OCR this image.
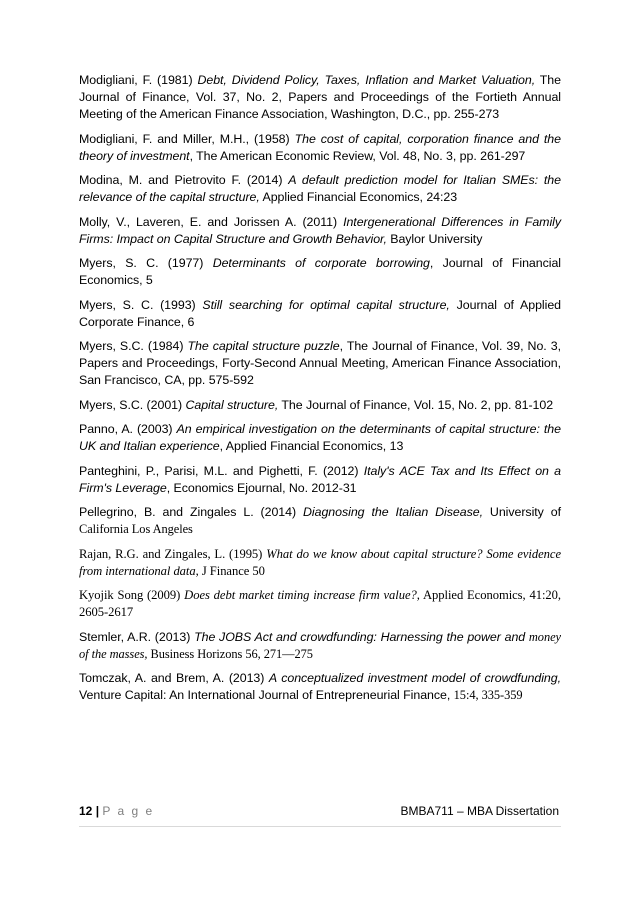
Modigliani, F. (1981) Debt, Dividend Policy, Taxes, Inflation and Market Valuation, The Journal of Finance, Vol. 37, No. 2, Papers and Proceedings of the Fortieth Annual Meeting of the American Finance Association, Washington, D.C., pp. 255-273

Modigliani, F. and Miller, M.H., (1958) The cost of capital, corporation finance and the theory of investment, The American Economic Review, Vol. 48, No. 3, pp. 261-297

Modina, M. and Pietrovito F. (2014) A default prediction model for Italian SMEs: the relevance of the capital structure, Applied Financial Economics, 24:23

Molly, V., Laveren, E. and Jorissen A. (2011) Intergenerational Differences in Family Firms: Impact on Capital Structure and Growth Behavior, Baylor University

Myers, S. C. (1977) Determinants of corporate borrowing, Journal of Financial Economics, 5

Myers, S. C. (1993) Still searching for optimal capital structure, Journal of Applied Corporate Finance, 6

Myers, S.C. (1984) The capital structure puzzle, The Journal of Finance, Vol. 39, No. 3, Papers and Proceedings, Forty-Second Annual Meeting, American Finance Association, San Francisco, CA, pp. 575-592

Myers, S.C. (2001) Capital structure, The Journal of Finance, Vol. 15, No. 2, pp. 81-102

Panno, A. (2003) An empirical investigation on the determinants of capital structure: the UK and Italian experience, Applied Financial Economics, 13

Panteghini, P., Parisi, M.L. and Pighetti, F. (2012) Italy's ACE Tax and Its Effect on a Firm's Leverage, Economics Ejournal, No. 2012-31

Pellegrino, B. and Zingales L. (2014) Diagnosing the Italian Disease, University of California Los Angeles

Rajan, R.G. and Zingales, L. (1995) What do we know about capital structure? Some evidence from international data, J Finance 50

Kyojik Song (2009) Does debt market timing increase firm value?, Applied Economics, 41:20, 2605-2617

Stemler, A.R. (2013) The JOBS Act and crowdfunding: Harnessing the power and money of the masses, Business Horizons 56, 271—275

Tomczak, A. and Brem, A. (2013) A conceptualized investment model of crowdfunding, Venture Capital: An International Journal of Entrepreneurial Finance, 15:4, 335-359

12 | P a g e	BMBA711 – MBA Dissertation
